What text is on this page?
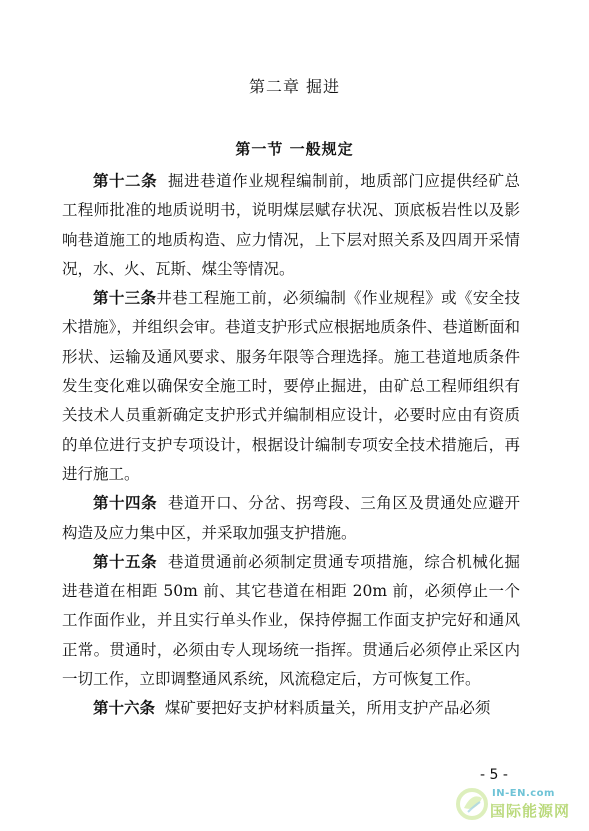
第二章 掘进
第一节 一般规定

第十二条 掘进巷道作业规程编制前，地质部门应提供经矿总工程师批准的地质说明书，说明煤层赋存状况、顶底板岩性以及影响巷道施工的地质构造、应力情况，上下层对照关系及四周开采情况，水、火、瓦斯、煤尘等情况。

第十三条井巷工程施工前，必须编制《作业规程》或《安全技术措施》，并组织会审。巷道支护形式应根据地质条件、巷道断面和形状、运输及通风要求、服务年限等合理选择。施工巷道地质条件发生变化难以确保安全施工时，要停止掘进，由矿总工程师组织有关技术人员重新确定支护形式并编制相应设计，必要时应由有资质的单位进行支护专项设计，根据设计编制专项安全技术措施后，再进行施工。

第十四条 巷道开口、分岔、拐弯段、三角区及贯通处应避开构造及应力集中区，并采取加强支护措施。

第十五条 巷道贯通前必须制定贯通专项措施，综合机械化掘进巷道在相距 50m 前、其它巷道在相距 20m 前，必须停止一个工作面作业，并且实行单头作业，保持停掘工作面支护完好和通风正常。贯通时，必须由专人现场统一指挥。贯通后必须停止采区内一切工作，立即调整通风系统，风流稳定后，方可恢复工作。

第十六条 煤矿要把好支护材料质量关，所用支护产品必须

- 5 -
IN-EN.com
国际能源网
